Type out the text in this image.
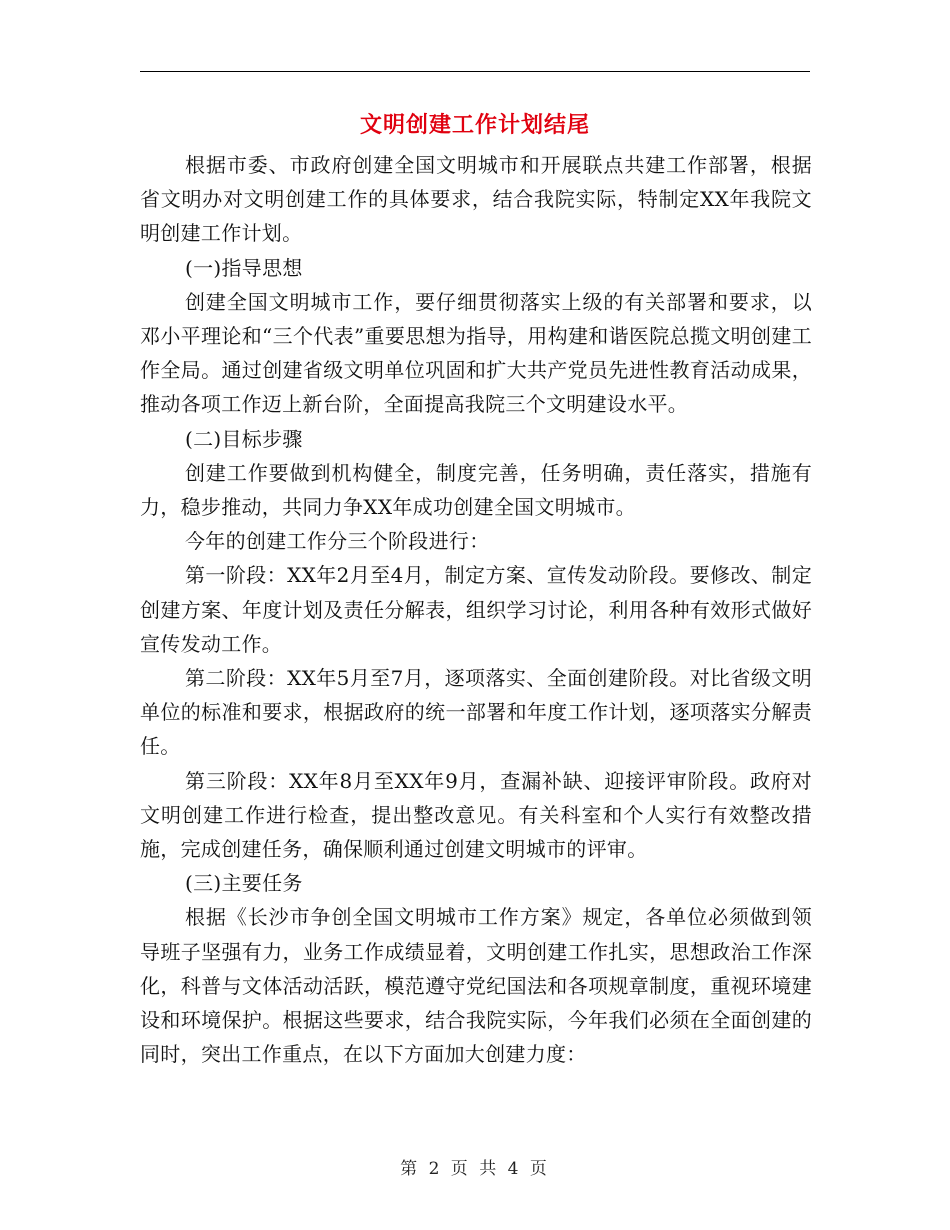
文明创建工作计划结尾

根据市委、市政府创建全国文明城市和开展联点共建工作部署，根据省文明办对文明创建工作的具体要求，结合我院实际，特制定XX年我院文明创建工作计划。

(一)指导思想

创建全国文明城市工作，要仔细贯彻落实上级的有关部署和要求，以邓小平理论和“三个代表”重要思想为指导，用构建和谐医院总揽文明创建工作全局。通过创建省级文明单位巩固和扩大共产党员先进性教育活动成果，推动各项工作迈上新台阶，全面提高我院三个文明建设水平。

(二)目标步骤

创建工作要做到机构健全，制度完善，任务明确，责任落实，措施有力，稳步推动，共同力争XX年成功创建全国文明城市。

今年的创建工作分三个阶段进行：

第一阶段：XX年2月至4月，制定方案、宣传发动阶段。要修改、制定创建方案、年度计划及责任分解表，组织学习讨论，利用各种有效形式做好宣传发动工作。

第二阶段：XX年5月至7月，逐项落实、全面创建阶段。对比省级文明单位的标准和要求，根据政府的统一部署和年度工作计划，逐项落实分解责任。

第三阶段：XX年8月至XX年9月，查漏补缺、迎接评审阶段。政府对文明创建工作进行检查，提出整改意见。有关科室和个人实行有效整改措施，完成创建任务，确保顺利通过创建文明城市的评审。

(三)主要任务

根据《长沙市争创全国文明城市工作方案》规定，各单位必须做到领导班子坚强有力，业务工作成绩显着，文明创建工作扎实，思想政治工作深化，科普与文体活动活跃，模范遵守党纪国法和各项规章制度，重视环境建设和环境保护。根据这些要求，结合我院实际，今年我们必须在全面创建的同时，突出工作重点，在以下方面加大创建力度：

第 2 页 共 4 页
